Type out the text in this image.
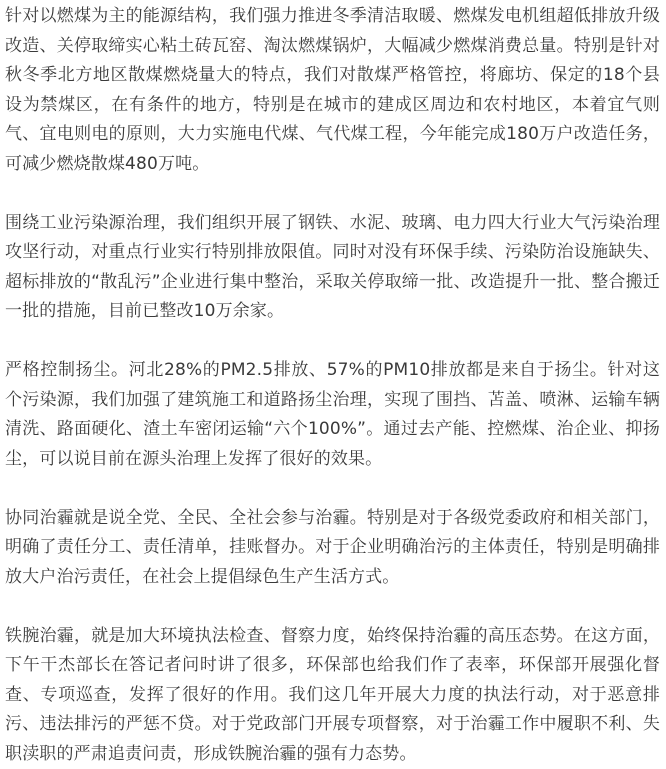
针对以燃煤为主的能源结构，我们强力推进冬季清洁取暖、燃煤发电机组超低排放升级改造、关停取缔实心粘土砖瓦窑、淘汰燃煤锅炉，大幅减少燃煤消费总量。特别是针对秋冬季北方地区散煤燃烧量大的特点，我们对散煤严格管控，将廊坊、保定的18个县设为禁煤区，在有条件的地方，特别是在城市的建成区周边和农村地区，本着宜气则气、宜电则电的原则，大力实施电代煤、气代煤工程，今年能完成180万户改造任务，可减少燃烧散煤480万吨。

围绕工业污染源治理，我们组织开展了钢铁、水泥、玻璃、电力四大行业大气污染治理攻坚行动，对重点行业实行特别排放限值。同时对没有环保手续、污染防治设施缺失、超标排放的“散乱污”企业进行集中整治，采取关停取缔一批、改造提升一批、整合搬迁一批的措施，目前已整改10万余家。

严格控制扬尘。河北28%的PM2.5排放、57%的PM10排放都是来自于扬尘。针对这个污染源，我们加强了建筑施工和道路扬尘治理，实现了围挡、苫盖、喷淋、运输车辆清洗、路面硬化、渣土车密闭运输“六个100%”。通过去产能、控燃煤、治企业、抑扬尘，可以说目前在源头治理上发挥了很好的效果。

协同治霾就是说全党、全民、全社会参与治霾。特别是对于各级党委政府和相关部门，明确了责任分工、责任清单，挂账督办。对于企业明确治污的主体责任，特别是明确排放大户治污责任，在社会上提倡绿色生产生活方式。

铁腕治霾，就是加大环境执法检查、督察力度，始终保持治霾的高压态势。在这方面，下午干杰部长在答记者问时讲了很多，环保部也给我们作了表率，环保部开展强化督查、专项巡查，发挥了很好的作用。我们这几年开展大力度的执法行动，对于恶意排污、违法排污的严惩不贷。对于党政部门开展专项督察，对于治霾工作中履职不利、失职渎职的严肃追责问责，形成铁腕治霾的强有力态势。
